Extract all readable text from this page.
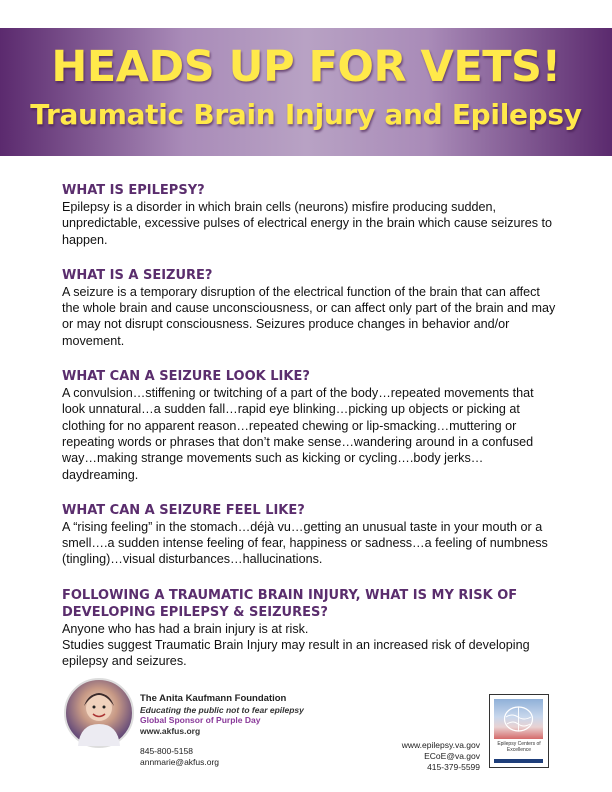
HEADS UP FOR VETS!
Traumatic Brain Injury and Epilepsy
WHAT IS EPILEPSY?
Epilepsy is a disorder in which brain cells (neurons) misfire producing sudden, unpredictable, excessive pulses of electrical energy in the brain which cause seizures to happen.
WHAT IS A SEIZURE?
A seizure is a temporary disruption of the electrical function of the brain that can affect the whole brain and cause unconsciousness, or can affect only part of the brain and may or may not disrupt consciousness. Seizures produce changes in behavior and/or movement.
WHAT CAN A SEIZURE LOOK LIKE?
A convulsion…stiffening or twitching of a part of the body…repeated movements that look unnatural…a sudden fall…rapid eye blinking…picking up objects or picking at clothing for no apparent reason…repeated chewing or lip-smacking…muttering or repeating words or phrases that don’t make sense…wandering around in a confused way…making strange movements such as kicking or cycling….body jerks…daydreaming.
WHAT CAN A SEIZURE FEEL LIKE?
A “rising feeling” in the stomach…déjà vu…getting an unusual taste in your mouth or a smell….a sudden intense feeling of fear, happiness or sadness…a feeling of numbness (tingling)…visual disturbances…hallucinations.
FOLLOWING A TRAUMATIC BRAIN INJURY, WHAT IS MY RISK OF DEVELOPING EPILEPSY & SEIZURES?
Anyone who has had a brain injury is at risk.
Studies suggest Traumatic Brain Injury may result in an increased risk of developing epilepsy and seizures.
The Anita Kaufmann Foundation
Educating the public not to fear epilepsy
Global Sponsor of Purple Day
www.akfus.org
845-800-5158
annmarie@akfus.org
www.epilepsy.va.gov
ECoE@va.gov
415-379-5599
Epilepsy Centers of Excellence
